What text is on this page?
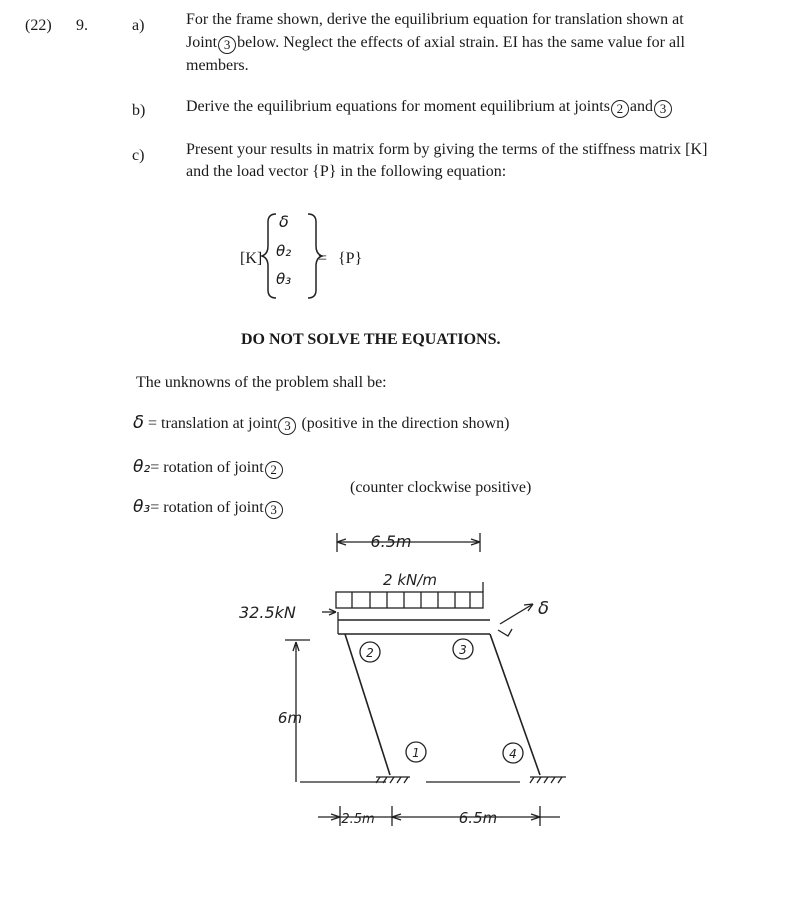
(22) 9.	a)	For the frame shown, derive the equilibrium equation for translation shown at
Joint 3 below. Neglect the effects of axial strain. EI has the same value for all
members.
b)	Derive the equilibrium equations for moment equilibrium at joints 2 and 3
c)	Present your results in matrix form by giving the terms of the stiffness matrix [K]
and the load vector {P} in the following equation:
[K]
δ
θ₂
θ₃
= {P}
DO NOT SOLVE THE EQUATIONS.
The unknowns of the problem shall be:
δ = translation at joint 3 (positive in the direction shown)
θ₂= rotation of joint 2
θ₃= rotation of joint 3
(counter clockwise positive)
6.5m
2 kN/m
32.5kN
6m
2.5m	6.5m
δ
1
2	3
4
